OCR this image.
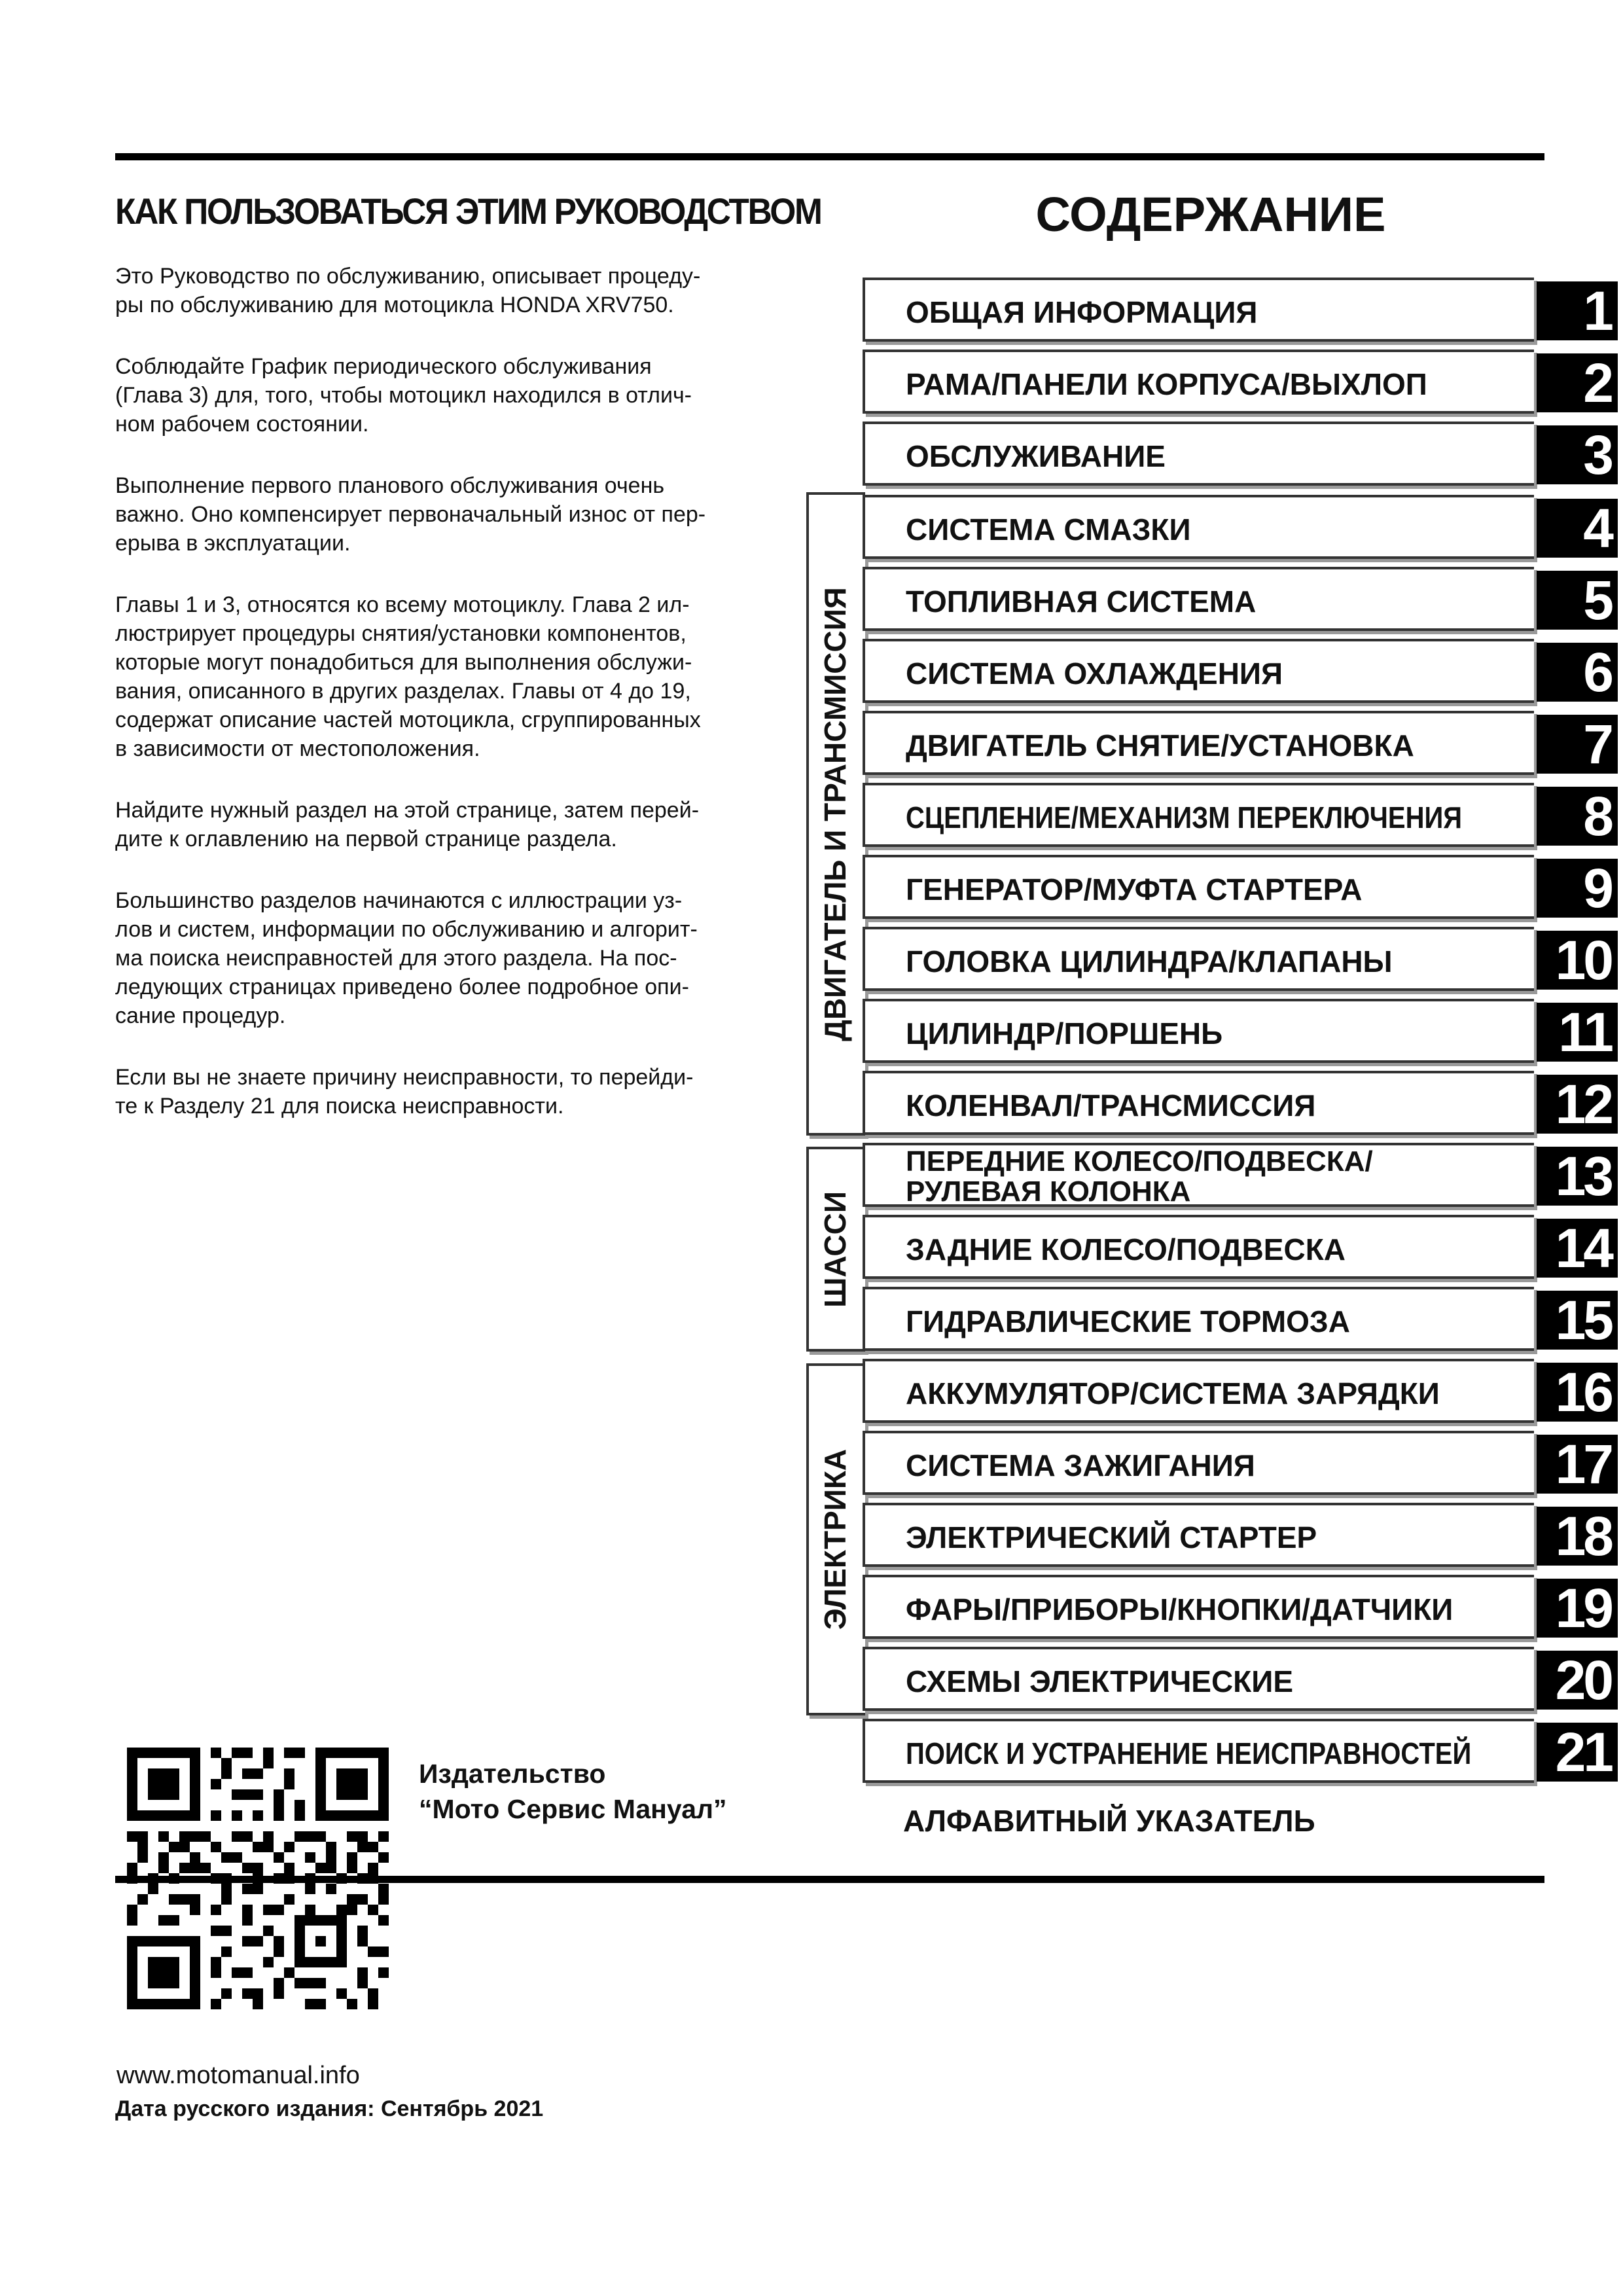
КАК ПОЛЬЗОВАТЬСЯ ЭТИМ РУКОВОДСТВОМ

Это Руководство по обслуживанию, описывает процеду-
ры по обслуживанию для мотоцикла HONDA XRV750.

Соблюдайте График периодического обслуживания
(Глава 3) для, того, чтобы мотоцикл находился в отлич-
ном рабочем состоянии.

Выполнение первого планового обслуживания очень
важно. Оно компенсирует первоначальный износ от пер-
ерыва в эксплуатации.

Главы 1 и 3, относятся ко всему мотоциклу. Глава 2 ил-
люстрирует процедуры снятия/установки компонентов,
которые могут понадобиться для выполнения обслужи-
вания, описанного в других разделах. Главы от 4 до 19,
содержат описание частей мотоцикла, сгруппированных
в зависимости от местоположения.

Найдите нужный раздел на этой странице, затем перей-
дите к оглавлению на первой странице раздела.

Большинство разделов начинаются с иллюстрации уз-
лов и систем, информации по обслуживанию и алгорит-
ма поиска неисправностей для этого раздела. На пос-
ледующих страницах приведено более подробное опи-
сание процедур.

Если вы не знаете причину неисправности, то перейди-
те к Разделу 21 для поиска неисправности.

СОДЕРЖАНИЕ
ДВИГАТЕЛЬ И ТРАНСМИССИЯ
ШАССИ
ЭЛЕКТРИКА
ОБЩАЯ ИНФОРМАЦИЯ	1
РАМА/ПАНЕЛИ КОРПУСА/ВЫХЛОП	2
ОБСЛУЖИВАНИЕ	3
СИСТЕМА СМАЗКИ	4
ТОПЛИВНАЯ СИСТЕМА	5
СИСТЕМА ОХЛАЖДЕНИЯ	6
ДВИГАТЕЛЬ СНЯТИЕ/УСТАНОВКА	7
СЦЕПЛЕНИЕ/МЕХАНИЗМ ПЕРЕКЛЮЧЕНИЯ	8
ГЕНЕРАТОР/МУФТА СТАРТЕРА	9
ГОЛОВКА ЦИЛИНДРА/КЛАПАНЫ	10
ЦИЛИНДР/ПОРШЕНЬ	11
КОЛЕНВАЛ/ТРАНСМИССИЯ	12
ПЕРЕДНИЕ КОЛЕСО/ПОДВЕСКА/
РУЛЕВАЯ КОЛОНКА	13
ЗАДНИЕ КОЛЕСО/ПОДВЕСКА	14
ГИДРАВЛИЧЕСКИЕ ТОРМОЗА	15
АККУМУЛЯТОР/СИСТЕМА ЗАРЯДКИ	16
СИСТЕМА ЗАЖИГАНИЯ	17
ЭЛЕКТРИЧЕСКИЙ СТАРТЕР	18
ФАРЫ/ПРИБОРЫ/КНОПКИ/ДАТЧИКИ	19
СХЕМЫ ЭЛЕКТРИЧЕСКИЕ	20
ПОИСК И УСТРАНЕНИЕ НЕИСПРАВНОСТЕЙ	21
АЛФАВИТНЫЙ УКАЗАТЕЛЬ
Издательство
“Мото Сервис Мануал”
www.motomanual.info
Дата русского издания: Сентябрь 2021
